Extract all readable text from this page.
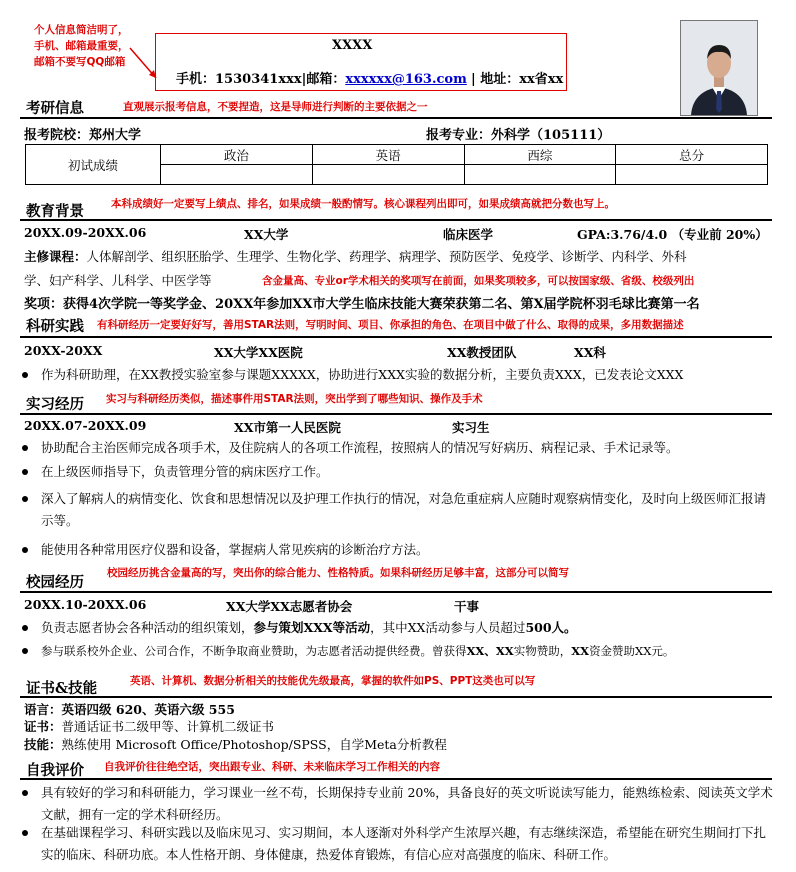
个人信息简洁明了，
手机、邮箱最重要，
邮箱不要写QQ邮箱
XXXX
手机：1530341xxx|邮箱：xxxxxx@163.com | 地址：xx省xx
考研信息	直观展示报考信息，不要捏造，这是导师进行判断的主要依据之一
报考院校：郑州大学	报考专业：外科学（105111）
初试成绩	政治	英语	西综	总分

教育背景	本科成绩好一定要写上绩点、排名，如果成绩一般酌情写。核心课程列出即可，如果成绩高就把分数也写上。
20XX.09-20XX.06	XX大学	临床医学	GPA:3.76/4.0 （专业前 20%）
主修课程：人体解剖学、组织胚胎学、生理学、生物化学、药理学、病理学、预防医学、免疫学、诊断学、内科学、外科
学、妇产科学、儿科学、中医学等	含金量高、专业or学术相关的奖项写在前面，如果奖项较多，可以按国家级、省级、校级列出
奖项：获得4次学院一等奖学金、20XX年参加XX市大学生临床技能大赛荣获第二名、第X届学院杯羽毛球比赛第一名
科研实践 有科研经历一定要好好写，善用STAR法则，写明时间、项目、你承担的角色、在项目中做了什么、取得的成果，多用数据描述
20XX-20XX	XX大学XX医院	XX教授团队	XX科
作为科研助理，在XX教授实验室参与课题XXXXX，协助进行XXX实验的数据分析，主要负责XXX，已发表论文XXX
实习经历 实习与科研经历类似，描述事件用STAR法则，突出学到了哪些知识、操作及手术
20XX.07-20XX.09	XX市第一人民医院	实习生
协助配合主治医师完成各项手术，及住院病人的各项工作流程，按照病人的情况写好病历、病程记录、手术记录等。
在上级医师指导下，负责管理分管的病床医疗工作。
深入了解病人的病情变化、饮食和思想情况以及护理工作执行的情况，对急危重症病人应随时观察病情变化，及时向上级医师汇报请示等。
能使用各种常用医疗仪器和设备，掌握病人常见疾病的诊断治疗方法。
校园经历
校园经历挑含金量高的写，突出你的综合能力、性格特质。如果科研经历足够丰富，这部分可以简写
20XX.10-20XX.06	XX大学XX志愿者协会	干事
负责志愿者协会各种活动的组织策划，参与策划XXX等活动，其中XX活动参与人员超过500人。
参与联系校外企业、公司合作，不断争取商业赞助，为志愿者活动提供经费。曾获得XX、XX实物赞助，XX资金赞助XX元。
证书&技能	英语、计算机、数据分析相关的技能优先级最高，掌握的软件如PS、PPT这类也可以写
语言：英语四级 620、英语六级 555
证书：普通话证书二级甲等、计算机二级证书
技能：熟练使用 Microsoft Office/Photoshop/SPSS，自学Meta分析教程
自我评价 自我评价往往绝空话，突出跟专业、科研、未来临床学习工作相关的内容
具有较好的学习和科研能力，学习课业一丝不苟，长期保持专业前 20%，具备良好的英文听说读写能力，能熟练检索、阅读英文学术文献，拥有一定的学术科研经历。
在基础课程学习、科研实践以及临床见习、实习期间，本人逐渐对外科学产生浓厚兴趣，有志继续深造，希望能在研究生期间打下扎实的临床、科研功底。本人性格开朗、身体健康，热爱体育锻炼，有信心应对高强度的临床、科研工作。
